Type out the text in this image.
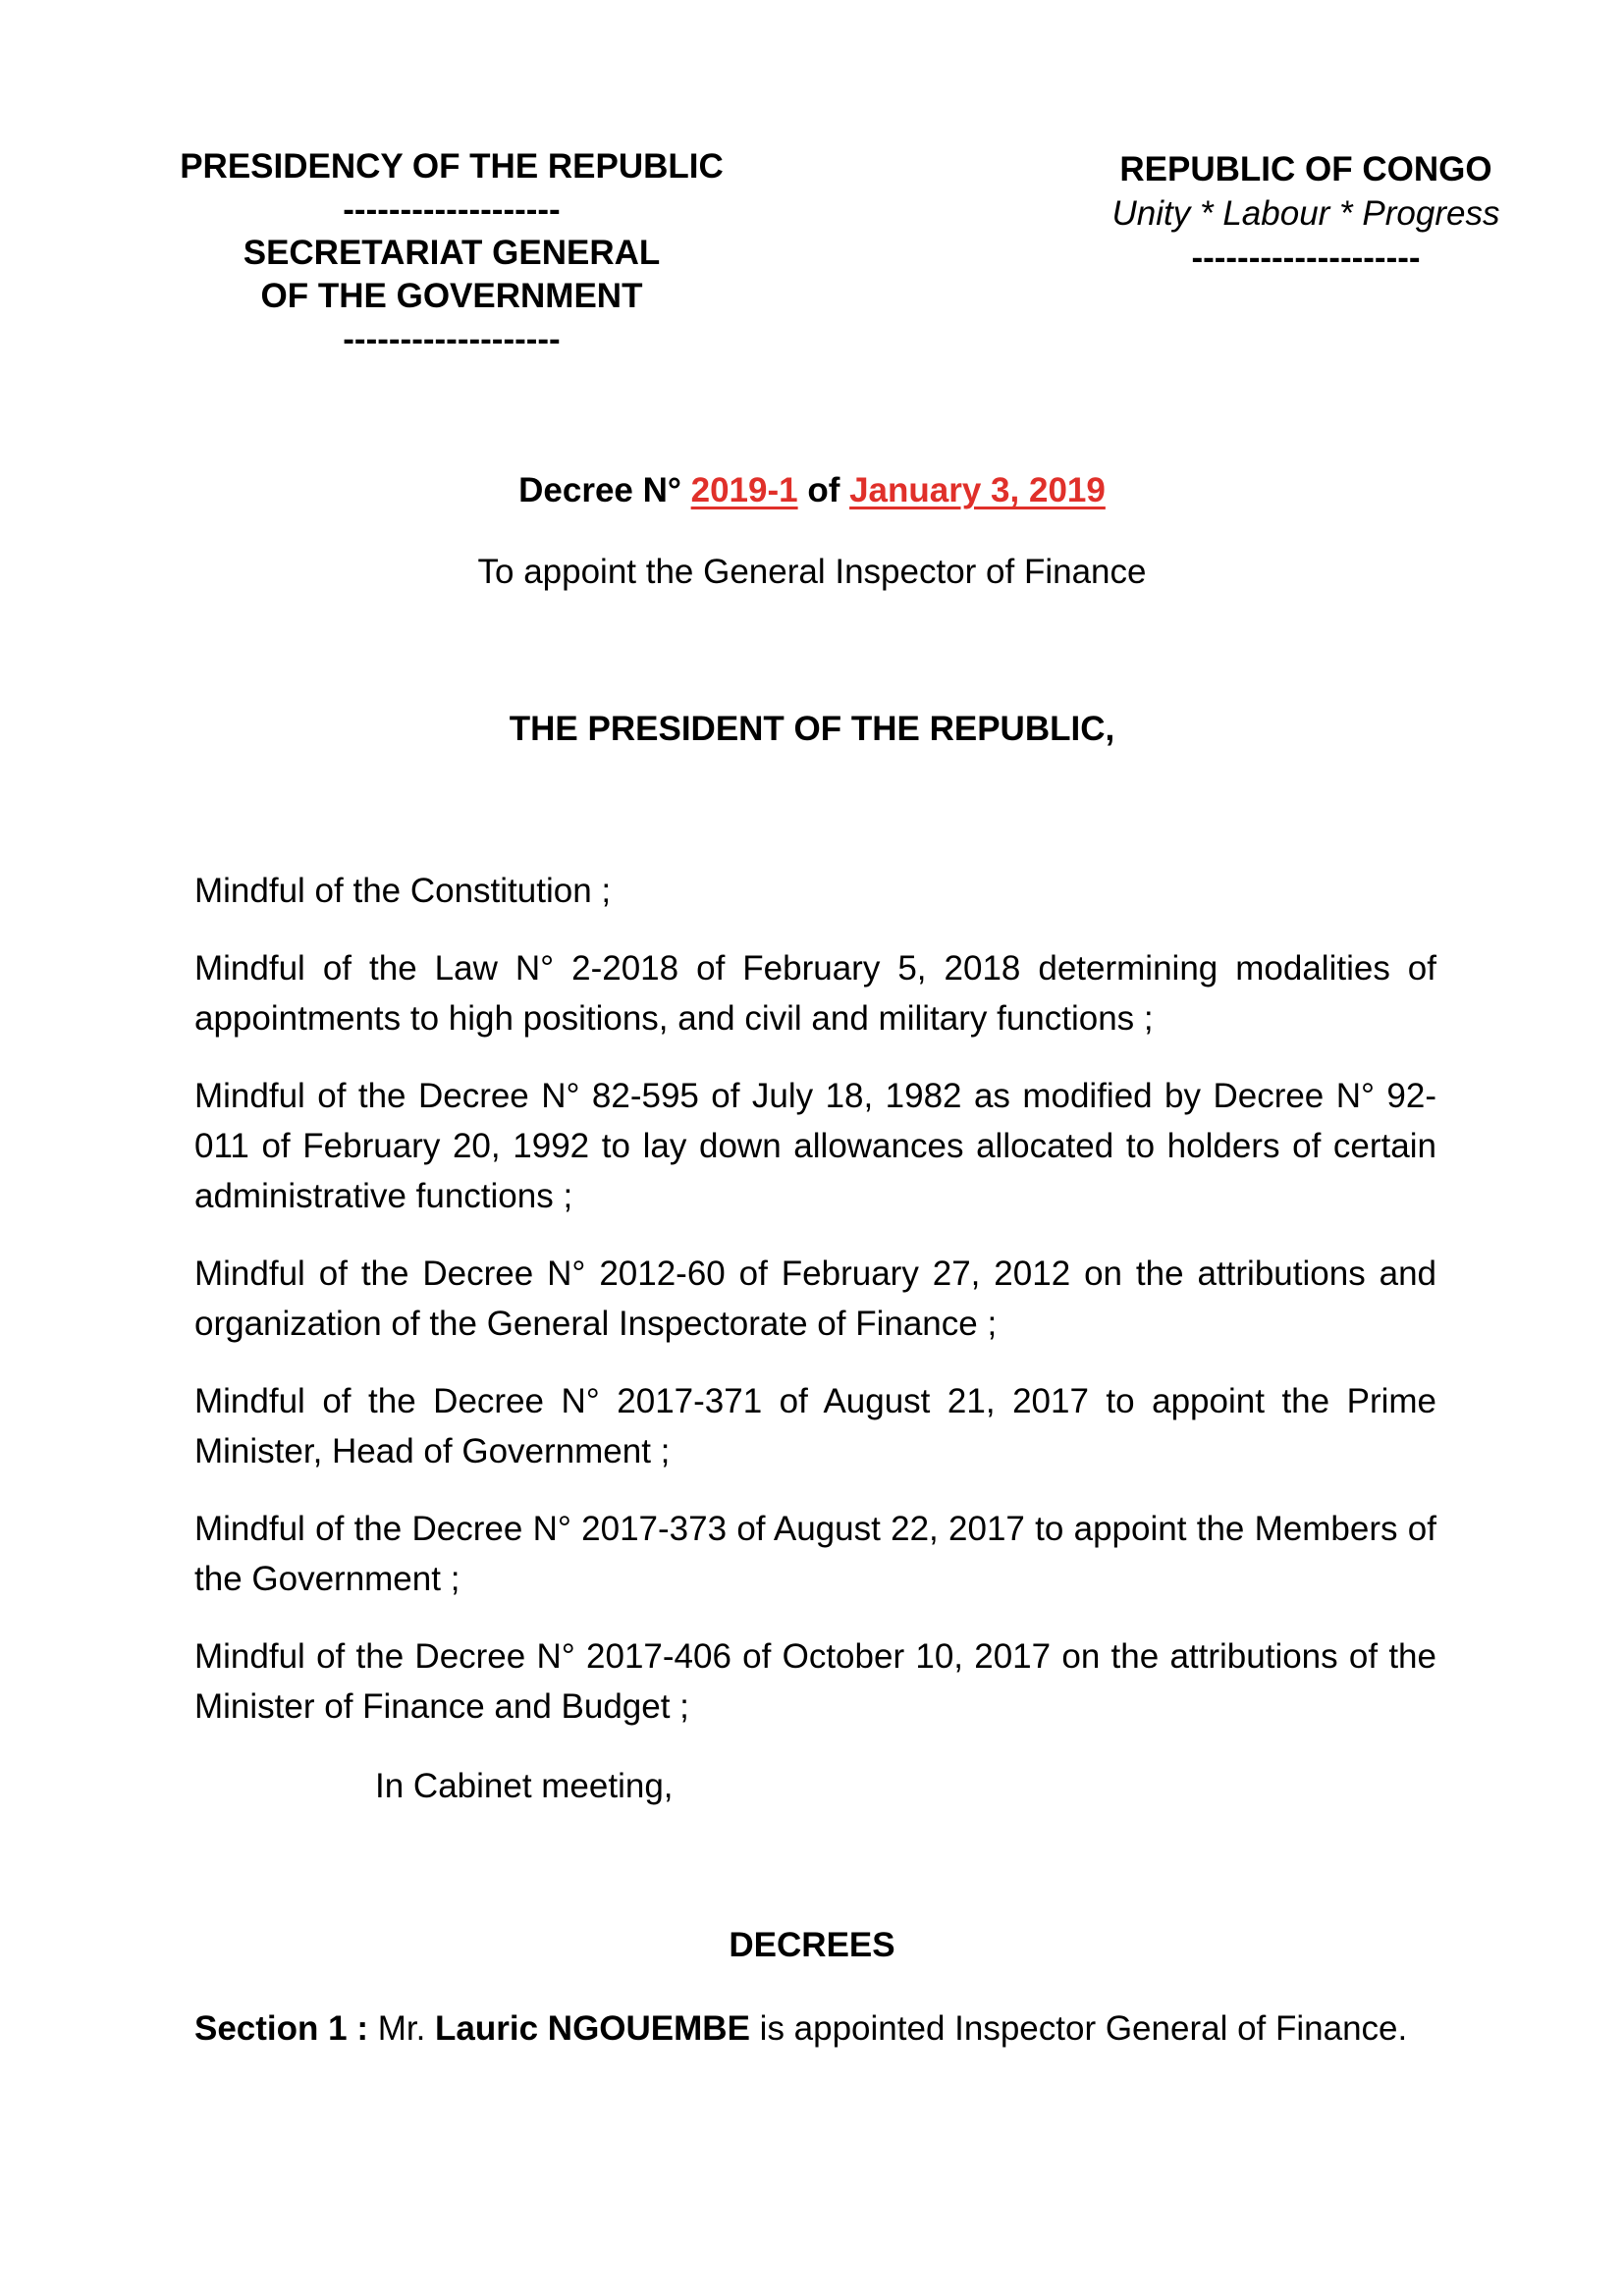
PRESIDENCY OF THE REPUBLIC
-------------------
SECRETARIAT GENERAL
OF THE GOVERNMENT
-------------------
REPUBLIC OF CONGO
Unity * Labour * Progress
--------------------
Decree N° 2019-1 of January 3, 2019
To appoint the General Inspector of Finance
THE PRESIDENT OF THE REPUBLIC,

Mindful of the Constitution ;

Mindful of the Law N° 2-2018 of February 5, 2018 determining modalities of appointments to high positions, and civil and military functions ;

Mindful of the Decree N° 82-595 of July 18, 1982 as modified by Decree N° 92-011 of February 20, 1992 to lay down allowances allocated to holders of certain administrative functions ;

Mindful of the Decree N° 2012-60 of February 27, 2012 on the attributions and organization of the General Inspectorate of Finance ;

Mindful of the Decree N° 2017-371 of August 21, 2017 to appoint the Prime Minister, Head of Government ;

Mindful of the Decree N° 2017-373 of August 22, 2017 to appoint the Members of the Government ;

Mindful of the Decree N° 2017-406 of October 10, 2017 on the attributions of the Minister of Finance and Budget ;

In Cabinet meeting,
DECREES
Section 1 : Mr. Lauric NGOUEMBE is appointed Inspector General of Finance.
